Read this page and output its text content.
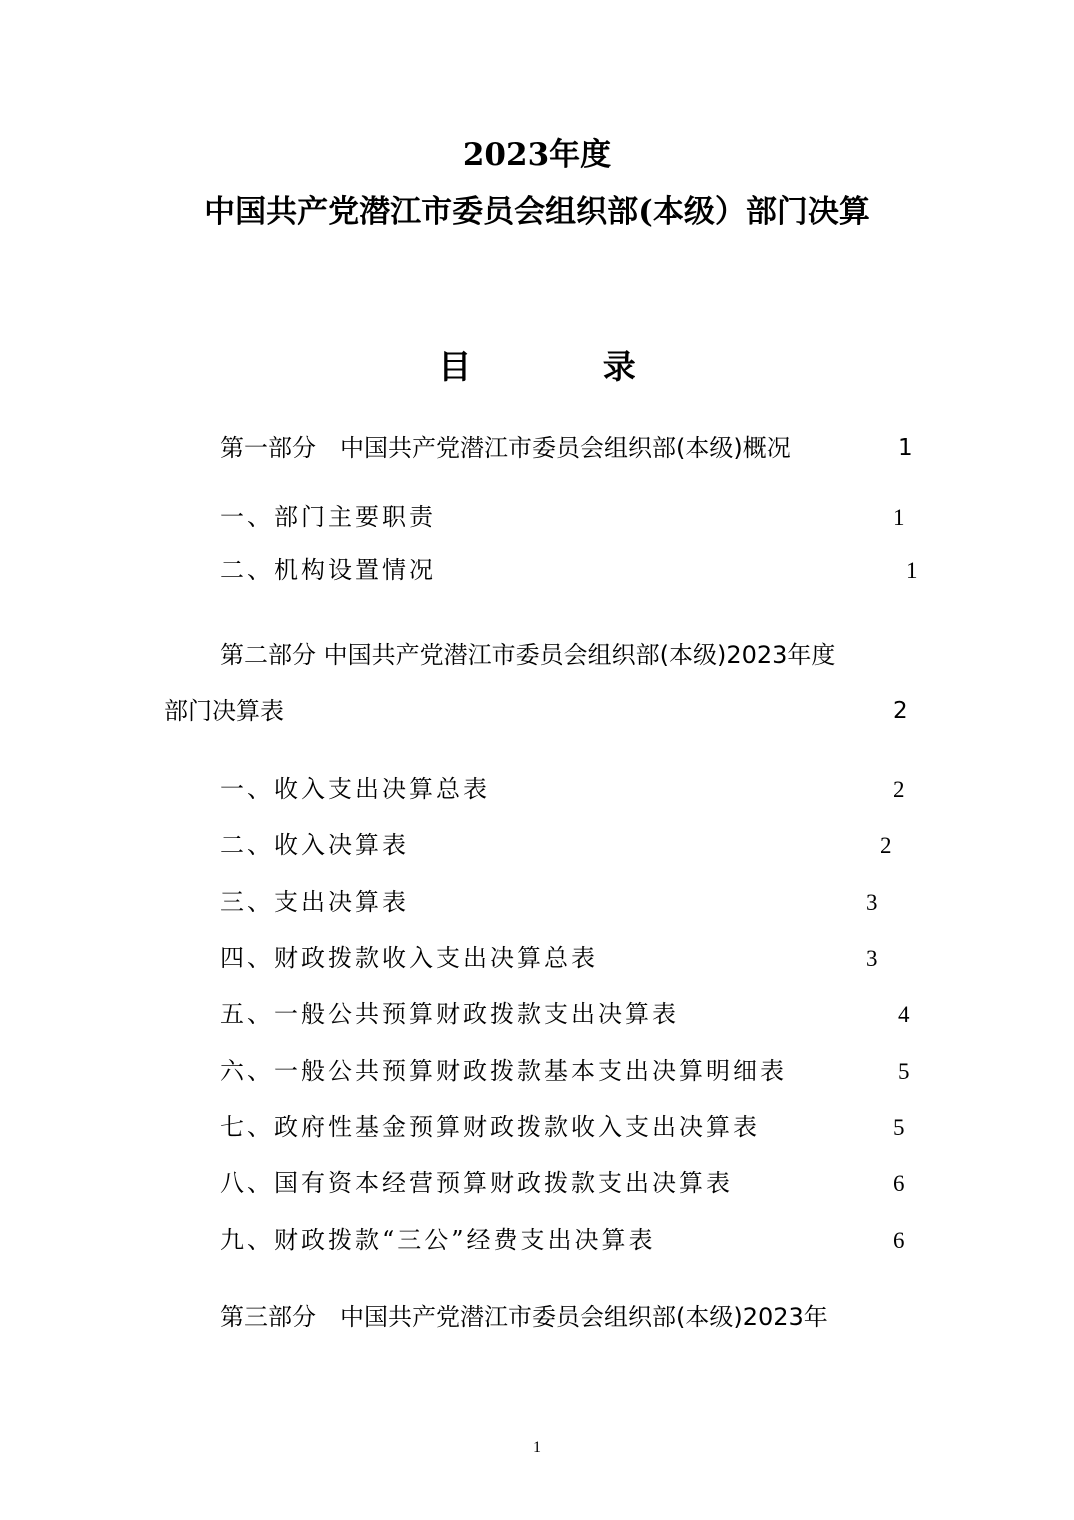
2023年度
中国共产党潜江市委员会组织部(本级）部门决算
目 录
第一部分　中国共产党潜江市委员会组织部(本级)概况	1
一、部门主要职责	1
二、机构设置情况	1
第二部分 中国共产党潜江市委员会组织部(本级)2023年度
部门决算表	2
一、收入支出决算总表	2
二、收入决算表	2
三、支出决算表	3
四、财政拨款收入支出决算总表	3
五、一般公共预算财政拨款支出决算表	4
六、一般公共预算财政拨款基本支出决算明细表	5
七、政府性基金预算财政拨款收入支出决算表	5
八、国有资本经营预算财政拨款支出决算表	6
九、财政拨款“三公”经费支出决算表	6
第三部分　中国共产党潜江市委员会组织部(本级)2023年
1
